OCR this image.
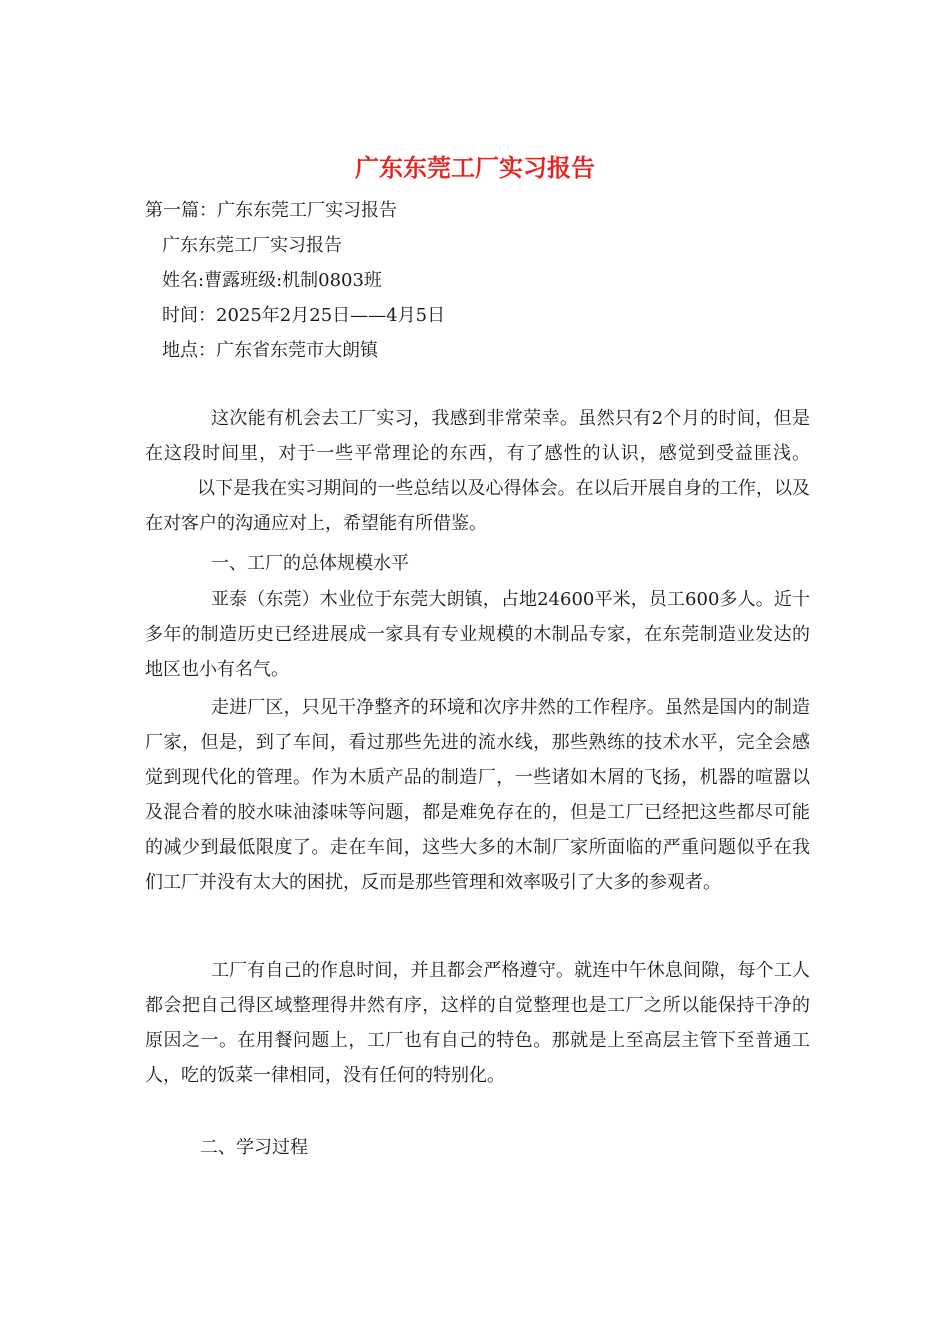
广东东莞工厂实习报告
第一篇：广东东莞工厂实习报告
广东东莞工厂实习报告
姓名:曹露班级:机制0803班
时间：2025年2月25日——4月5日
地点：广东省东莞市大朗镇
这次能有机会去工厂实习，我感到非常荣幸。虽然只有2个月的时间，但是在这段时间里，对于一些平常理论的东西，有了感性的认识，感觉到受益匪浅。以下是我在实习期间的一些总结以及心得体会。在以后开展自身的工作，以及在对客户的沟通应对上，希望能有所借鉴。
一、工厂的总体规模水平
亚泰（东莞）木业位于东莞大朗镇，占地24600平米，员工600多人。近十多年的制造历史已经进展成一家具有专业规模的木制品专家，在东莞制造业发达的地区也小有名气。
走进厂区，只见干净整齐的环境和次序井然的工作程序。虽然是国内的制造厂家，但是，到了车间，看过那些先进的流水线，那些熟练的技术水平，完全会感觉到现代化的管理。作为木质产品的制造厂，一些诸如木屑的飞扬，机器的喧嚣以及混合着的胶水味油漆味等问题，都是难免存在的，但是工厂已经把这些都尽可能的减少到最低限度了。走在车间，这些大多的木制厂家所面临的严重问题似乎在我们工厂并没有太大的困扰，反而是那些管理和效率吸引了大多的参观者。
工厂有自己的作息时间，并且都会严格遵守。就连中午休息间隙，每个工人都会把自己得区域整理得井然有序，这样的自觉整理也是工厂之所以能保持干净的原因之一。在用餐问题上，工厂也有自己的特色。那就是上至高层主管下至普通工人，吃的饭菜一律相同，没有任何的特别化。
二、学习过程
